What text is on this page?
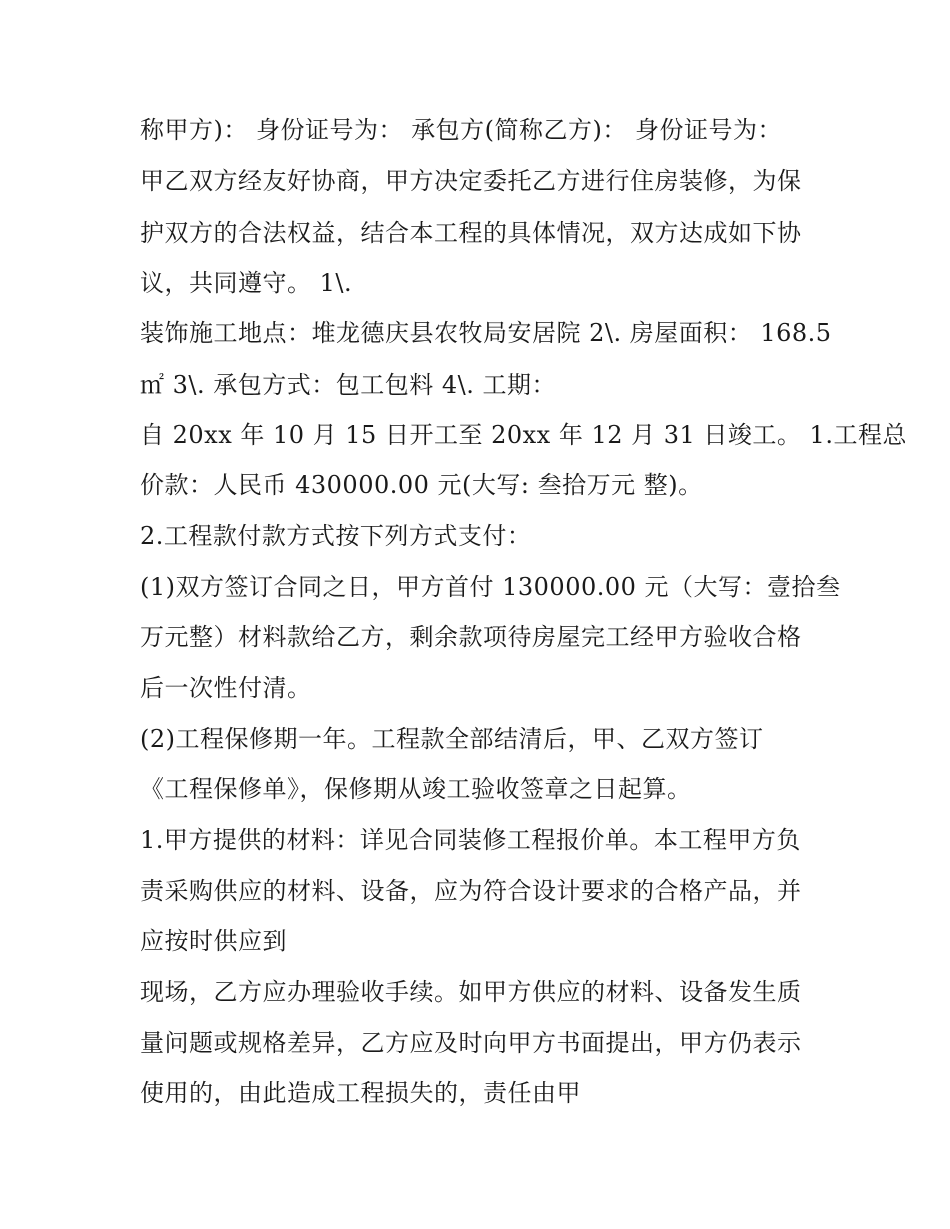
称甲方)： 身份证号为： 承包方(简称乙方)： 身份证号为：

甲乙双方经友好协商，甲方决定委托乙方进行住房装修，为保

护双方的合法权益，结合本工程的具体情况，双方达成如下协

议，共同遵守。 1\.

装饰施工地点：堆龙德庆县农牧局安居院 2\. 房屋面积： 168.5

㎡ 3\. 承包方式：包工包料 4\. 工期：

自 20xx 年 10 月 15 日开工至 20xx 年 12 月 31 日竣工。 1.工程总

价款：人民币 430000.00 元(大写: 叁拾万元 整)。

2.工程款付款方式按下列方式支付：

(1)双方签订合同之日，甲方首付 130000.00 元（大写：壹拾叁

万元整）材料款给乙方，剩余款项待房屋完工经甲方验收合格

后一次性付清。

(2)工程保修期一年。工程款全部结清后，甲、乙双方签订

《工程保修单》，保修期从竣工验收签章之日起算。

1.甲方提供的材料：详见合同装修工程报价单。本工程甲方负

责采购供应的材料、设备，应为符合设计要求的合格产品，并

应按时供应到

现场，乙方应办理验收手续。如甲方供应的材料、设备发生质

量问题或规格差异，乙方应及时向甲方书面提出，甲方仍表示

使用的，由此造成工程损失的，责任由甲
